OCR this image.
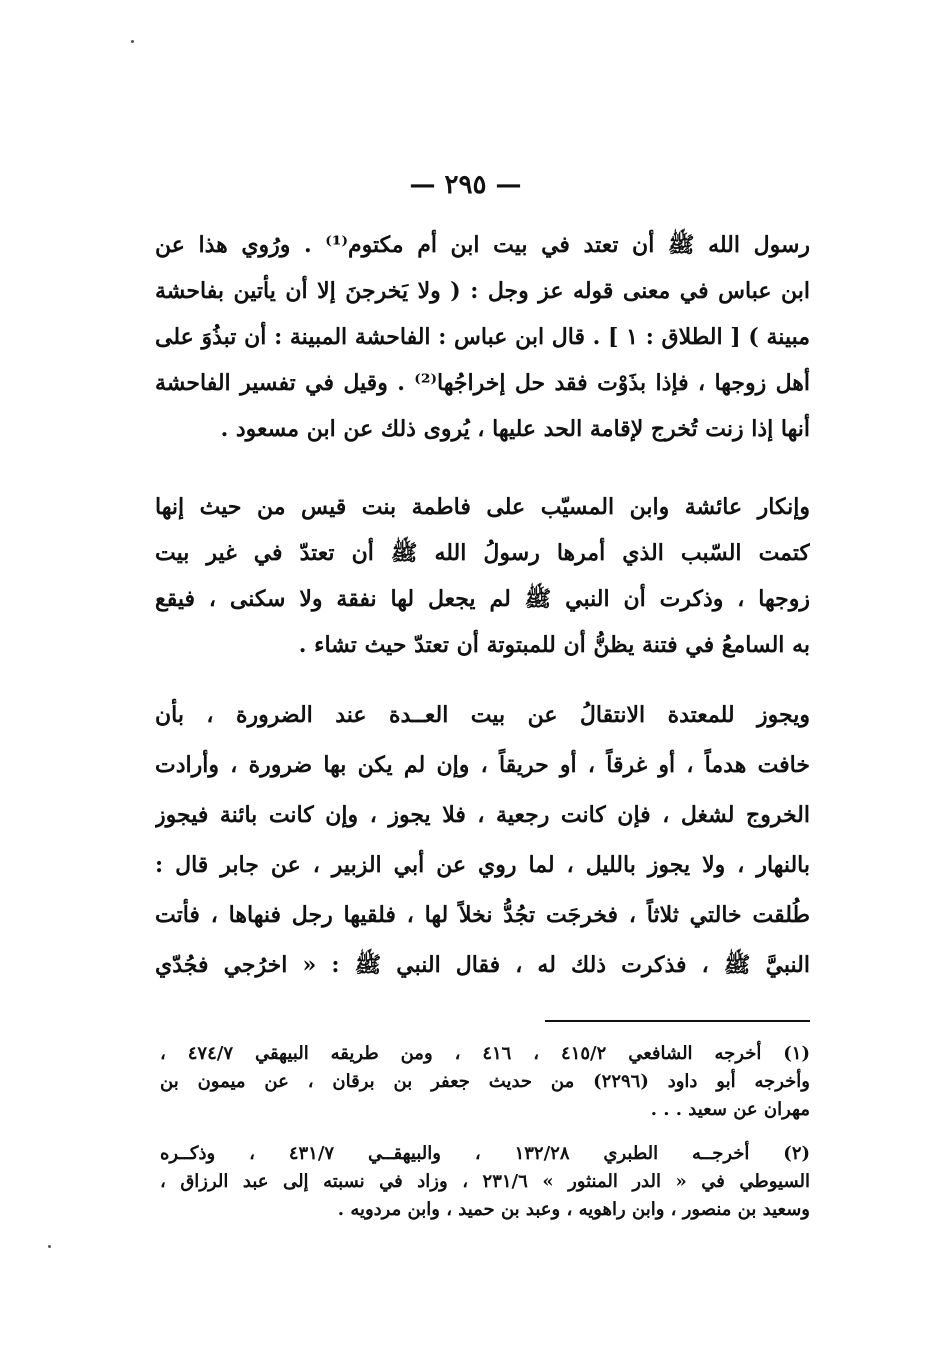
— ٢٩٥ —
رسول الله ﷺ أن تعتد في بيت ابن أم مكتوم⁽¹⁾ . ورُوي هذا عن
ابن عباس في معنى قوله عز وجل : ( ولا يَخرجنَ إلا أن يأتين بفاحشة
مبينة ) [ الطلاق : ١ ] . قال ابن عباس : الفاحشة المبينة : أن تبذُوَ على
أهل زوجها ، فإذا بذَوْت فقد حل إخراجُها⁽²⁾ . وقيل في تفسير الفاحشة
أنها إذا زنت تُخرج لإقامة الحد عليها ، يُروى ذلك عن ابن مسعود .
وإنكار عائشة وابن المسيّب على فاطمة بنت قيس من حيث إنها
كتمت السّبب الذي أمرها رسولُ الله ﷺ أن تعتدّ في غير بيت
زوجها ، وذكرت أن النبي ﷺ لم يجعل لها نفقة ولا سكنى ، فيقع
به السامعُ في فتنة يظنُّ أن للمبتوتة أن تعتدّ حيث تشاء .
ويجوز للمعتدة الانتقالُ عن بيت العــدة عند الضرورة ، بأن
خافت هدماً ، أو غرقاً ، أو حريقاً ، وإن لم يكن بها ضرورة ، وأرادت
الخروج لشغل ، فإن كانت رجعية ، فلا يجوز ، وإن كانت بائنة فيجوز
بالنهار ، ولا يجوز بالليل ، لما روي عن أبي الزبير ، عن جابر قال :
طُلقت خالتي ثلاثاً ، فخرجَت تجُدُّ نخلاً لها ، فلقيها رجل فنهاها ، فأتت
النبيَّ ﷺ ، فذكرت ذلك له ، فقال النبي ﷺ : « اخرُجي فجُدّي
(١) أخرجه الشافعي ٤١٥/٢ ، ٤١٦ ، ومن طريقه البيهقي ٤٧٤/٧ ،
وأخرجه أبو داود (٢٢٩٦) من حديث جعفر بن برقان ، عن ميمون بن
مهران عن سعيد . . .
(٢) أخرجــه الطبري ١٣٢/٢٨ ، والبيهقــي ٤٣١/٧ ، وذكــره
السيوطي في « الدر المنثور » ٢٣١/٦ ، وزاد في نسبته إلى عبد الرزاق ،
وسعيد بن منصور ، وابن راهويه ، وعبد بن حميد ، وابن مردويه .
